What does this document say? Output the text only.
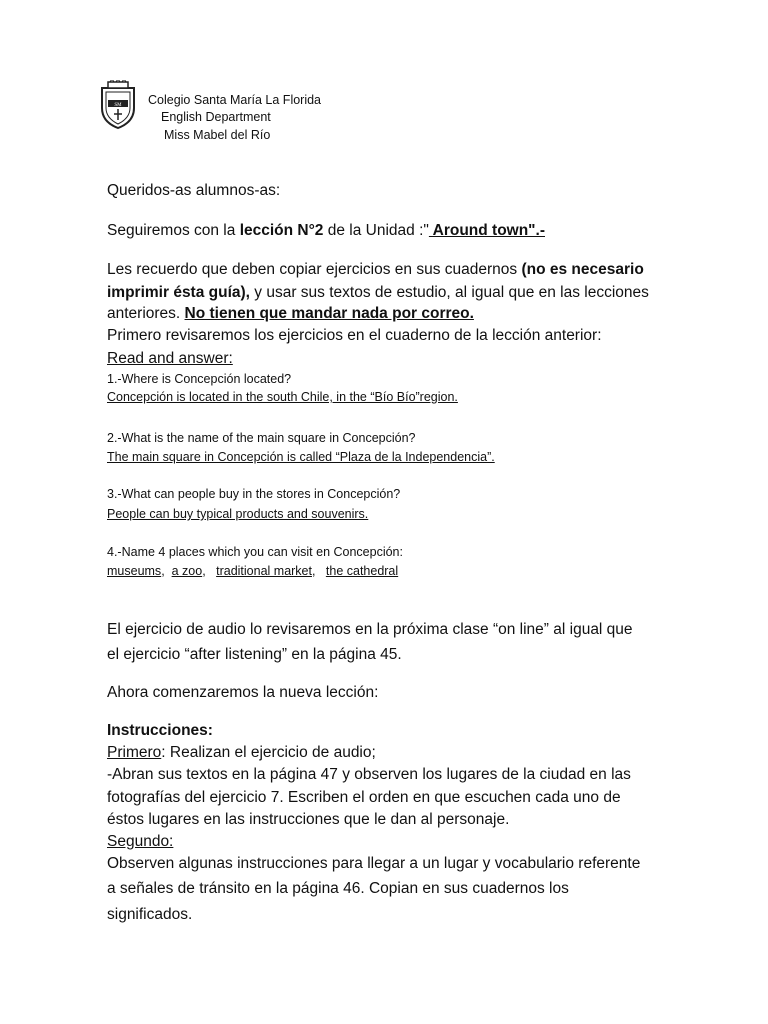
SM Colegio Santa María La Florida
English Department
Miss Mabel del Río
Queridos-as alumnos-as:
Seguiremos con la lección N°2 de la Unidad :" Around town".-
Les recuerdo que deben copiar ejercicios en sus cuadernos (no es necesario
imprimir ésta guía), y usar sus textos de estudio, al igual que en las lecciones
anteriores. No tienen que mandar nada por correo.
Primero revisaremos los ejercicios en el cuaderno de la lección anterior:
Read and answer:
1.-Where is Concepción located?
Concepción is located in the south Chile, in the “Bío Bío”region.
2.-What is the name of the main square in Concepción?
The main square in Concepción is called “Plaza de la Independencia”.
3.-What can people buy in the stores in Concepción?
People can buy typical products and souvenirs.
4.-Name 4 places which you can visit en Concepción:
museums,  a zoo,   traditional market,   the cathedral
El ejercicio de audio lo revisaremos en la próxima clase “on line” al igual que
el ejercicio “after listening” en la página 45.
Ahora comenzaremos la nueva lección:
Instrucciones:
Primero: Realizan el ejercicio de audio;
-Abran sus textos en la página 47 y observen los lugares de la ciudad en las
fotografías del ejercicio 7. Escriben el orden en que escuchen cada uno de
éstos lugares en las instrucciones que le dan al personaje.
Segundo:
Observen algunas instrucciones para llegar a un lugar y vocabulario referente
a señales de tránsito en la página 46. Copian en sus cuadernos los
significados.
